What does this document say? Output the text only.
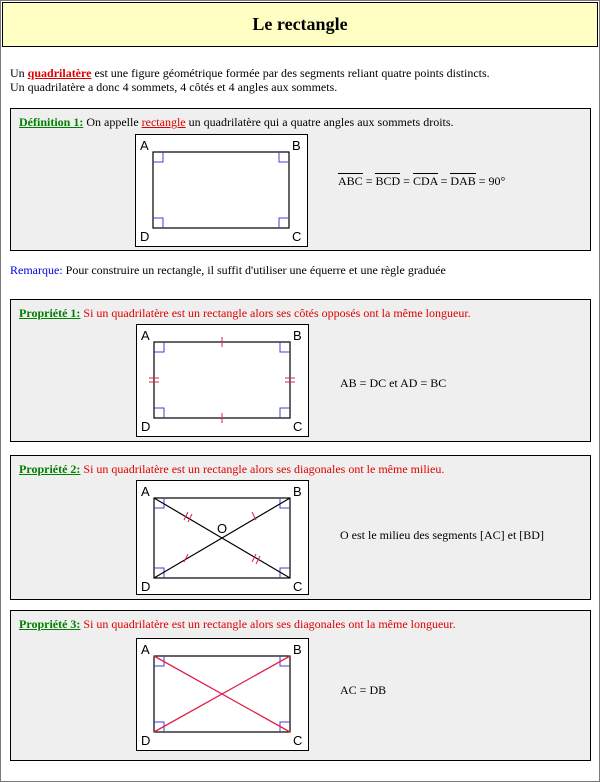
Le rectangle
Un quadrilatère est une figure géométrique formée par des segments reliant quatre points distincts.
Un quadrilatère a donc 4 sommets, 4 côtés et 4 angles aux sommets.
Définition 1: On appelle rectangle un quadrilatère qui a quatre angles aux sommets droits.
A	B
C
D
ABC = BCD = CDA = DAB = 90°
Remarque: Pour construire un rectangle, il suffit d'utiliser une équerre et une règle graduée
Propriété 1: Si un quadrilatère est un rectangle alors ses côtés opposés ont la même longueur.
A	B
C
D
AB = DC et AD = BC
Propriété 2: Si un quadrilatère est un rectangle alors ses diagonales ont le même milieu.
A	B
C
D
O	O est le milieu des segments [AC] et [BD]
Propriété 3: Si un quadrilatère est un rectangle alors ses diagonales ont la même longueur.
A	B
C
D
AC = DB
